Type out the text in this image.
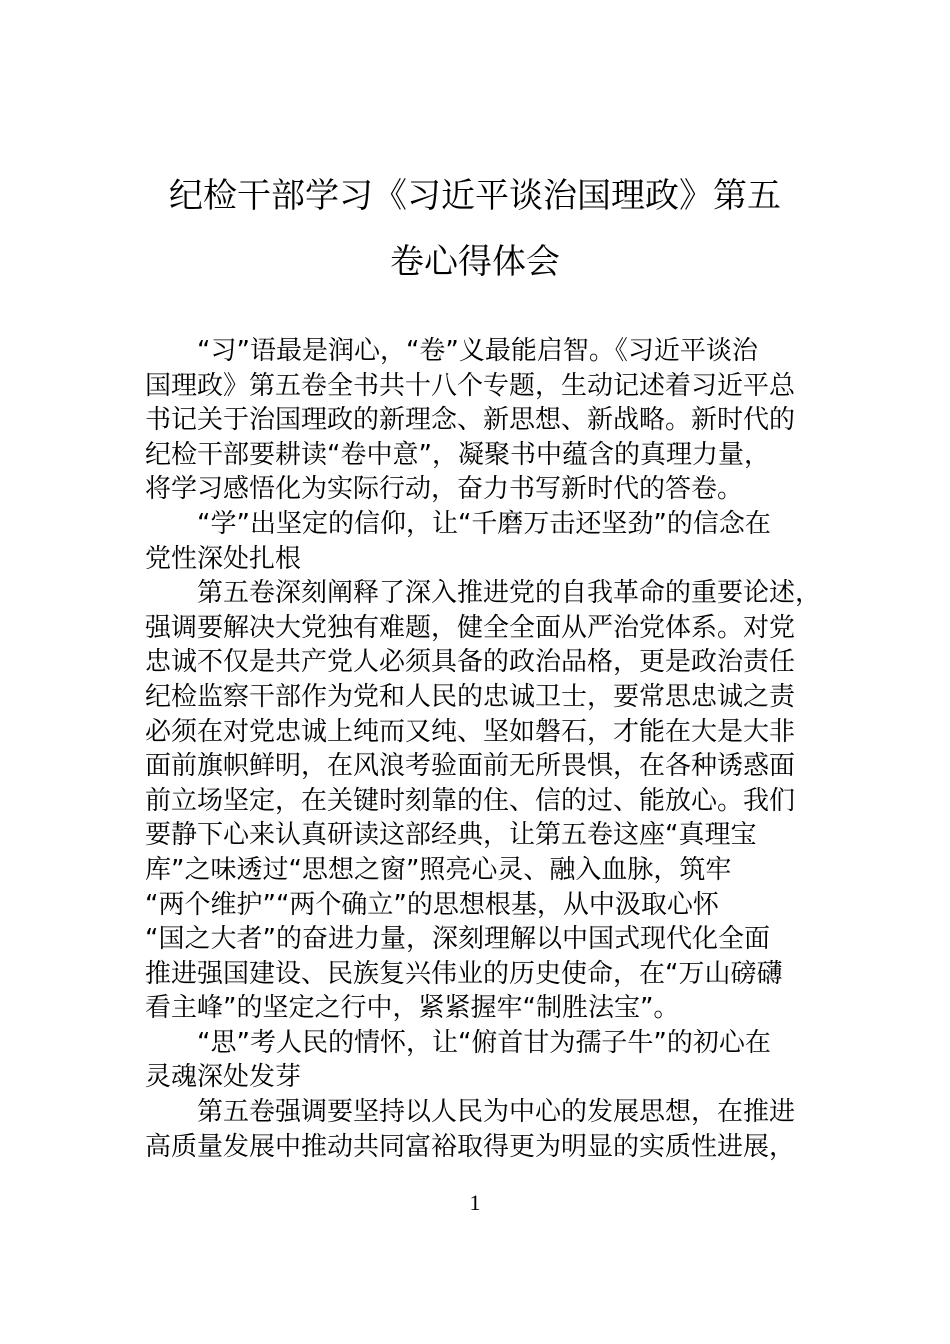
纪检干部学习《习近平谈治国理政》第五
卷心得体会
“习”语最是润心，“卷”义最能启智。《习近平谈治
国理政》第五卷全书共十八个专题，生动记述着习近平总
书记关于治国理政的新理念、新思想、新战略。新时代的
纪检干部要耕读“卷中意”，凝聚书中蕴含的真理力量，
将学习感悟化为实际行动，奋力书写新时代的答卷。
“学”出坚定的信仰，让“千磨万击还坚劲”的信念在
党性深处扎根
第五卷深刻阐释了深入推进党的自我革命的重要论述，
强调要解决大党独有难题，健全全面从严治党体系。对党
忠诚不仅是共产党人必须具备的政治品格，更是政治责任
纪检监察干部作为党和人民的忠诚卫士，要常思忠诚之责
必须在对党忠诚上纯而又纯、坚如磐石，才能在大是大非
面前旗帜鲜明，在风浪考验面前无所畏惧，在各种诱惑面
前立场坚定，在关键时刻靠的住、信的过、能放心。我们
要静下心来认真研读这部经典，让第五卷这座“真理宝
库”之味透过“思想之窗”照亮心灵、融入血脉，筑牢
“两个维护”“两个确立”的思想根基，从中汲取心怀
“国之大者”的奋进力量，深刻理解以中国式现代化全面
推进强国建设、民族复兴伟业的历史使命，在“万山磅礴
看主峰”的坚定之行中，紧紧握牢“制胜法宝”。
“思”考人民的情怀，让“俯首甘为孺子牛”的初心在
灵魂深处发芽
第五卷强调要坚持以人民为中心的发展思想，在推进
高质量发展中推动共同富裕取得更为明显的实质性进展，
1
